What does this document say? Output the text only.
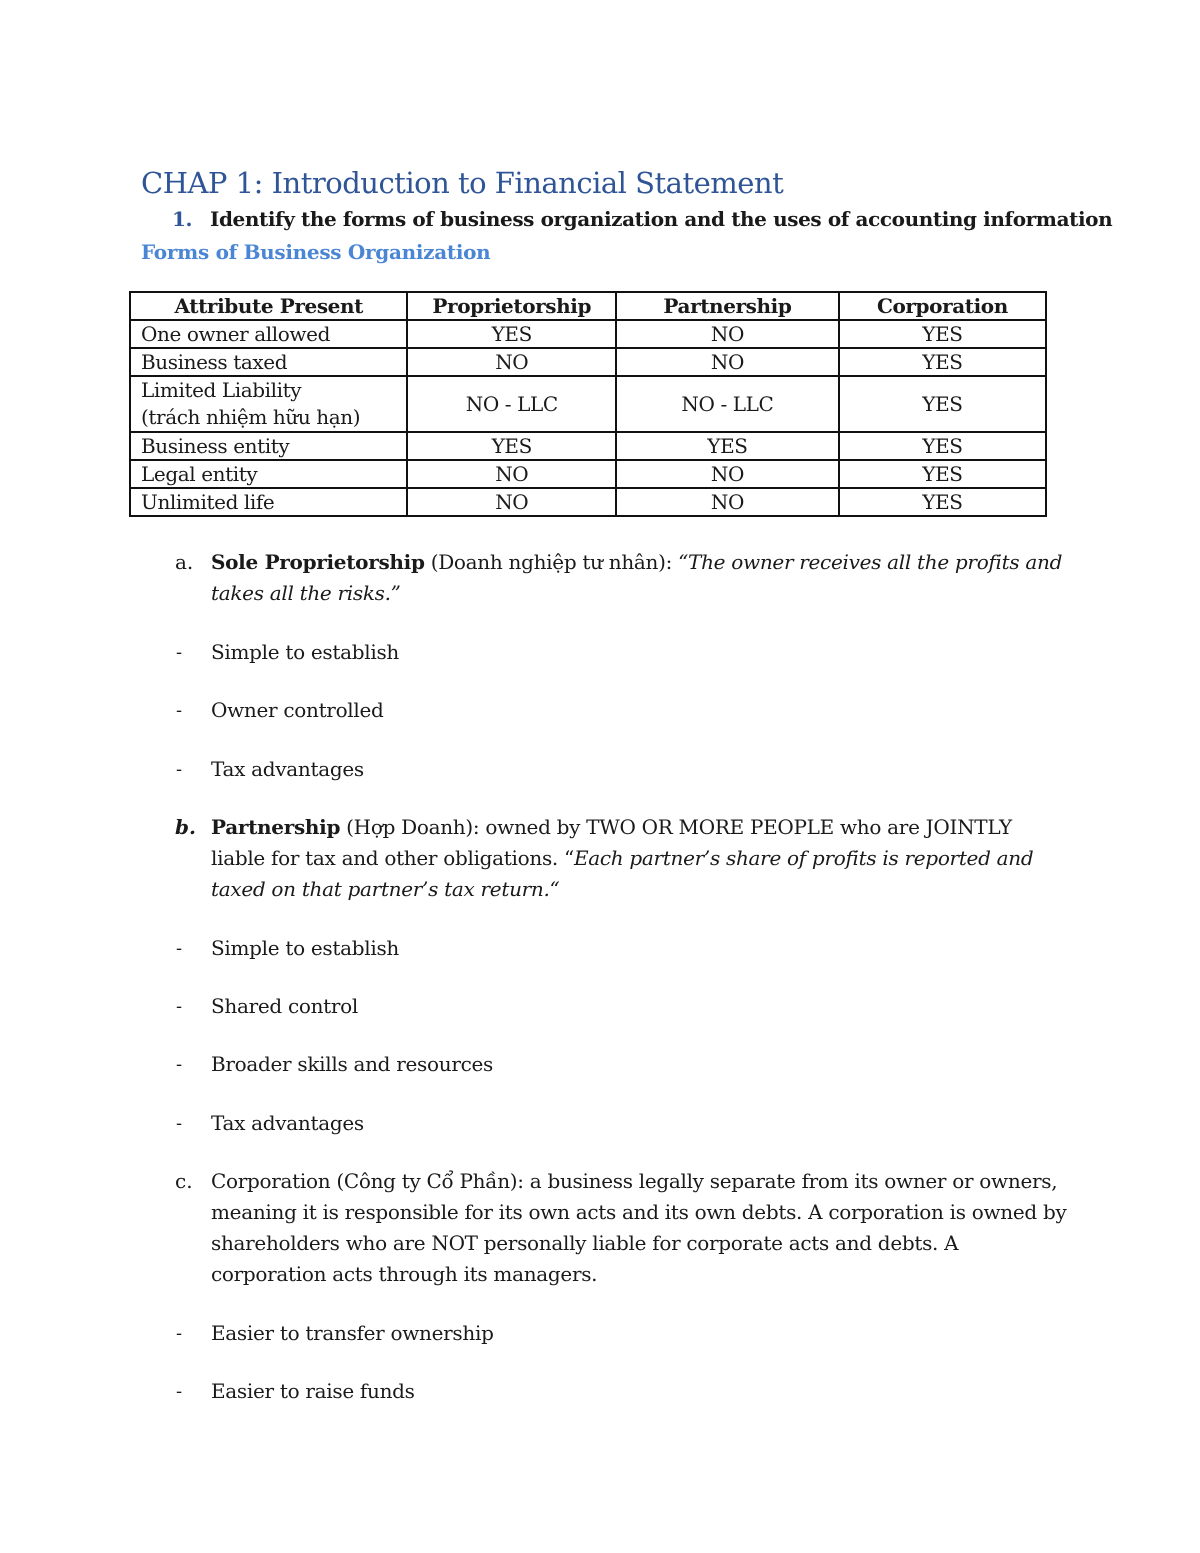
CHAP 1: Introduction to Financial Statement
1. Identify the forms of business organization and the uses of accounting information
Forms of Business Organization
Attribute Present	Proprietorship	Partnership	Corporation
One owner allowed	YES	NO	YES
Business taxed	NO	NO	YES

Limited Liability
(trách nhiệm hữu hạn)	NO - LLC	NO - LLC	YES
Business entity	YES	YES	YES
Legal entity	NO	NO	YES
Unlimited life	NO	NO	YES
a. Sole Proprietorship (Doanh nghiệp tư nhân): “The owner receives all the profits and takes all the risks.”
- Simple to establish
- Owner controlled
- Tax advantages
b. Partnership (Hợp Doanh): owned by TWO OR MORE PEOPLE who are JOINTLY liable for tax and other obligations. “Each partner’s share of profits is reported and taxed on that partner’s tax return.“
- Simple to establish
- Shared control
- Broader skills and resources
- Tax advantages
c. Corporation (Công ty Cổ Phần): a business legally separate from its owner or owners, meaning it is responsible for its own acts and its own debts. A corporation is owned by shareholders who are NOT personally liable for corporate acts and debts. A corporation acts through its managers.
- Easier to transfer ownership
- Easier to raise funds
